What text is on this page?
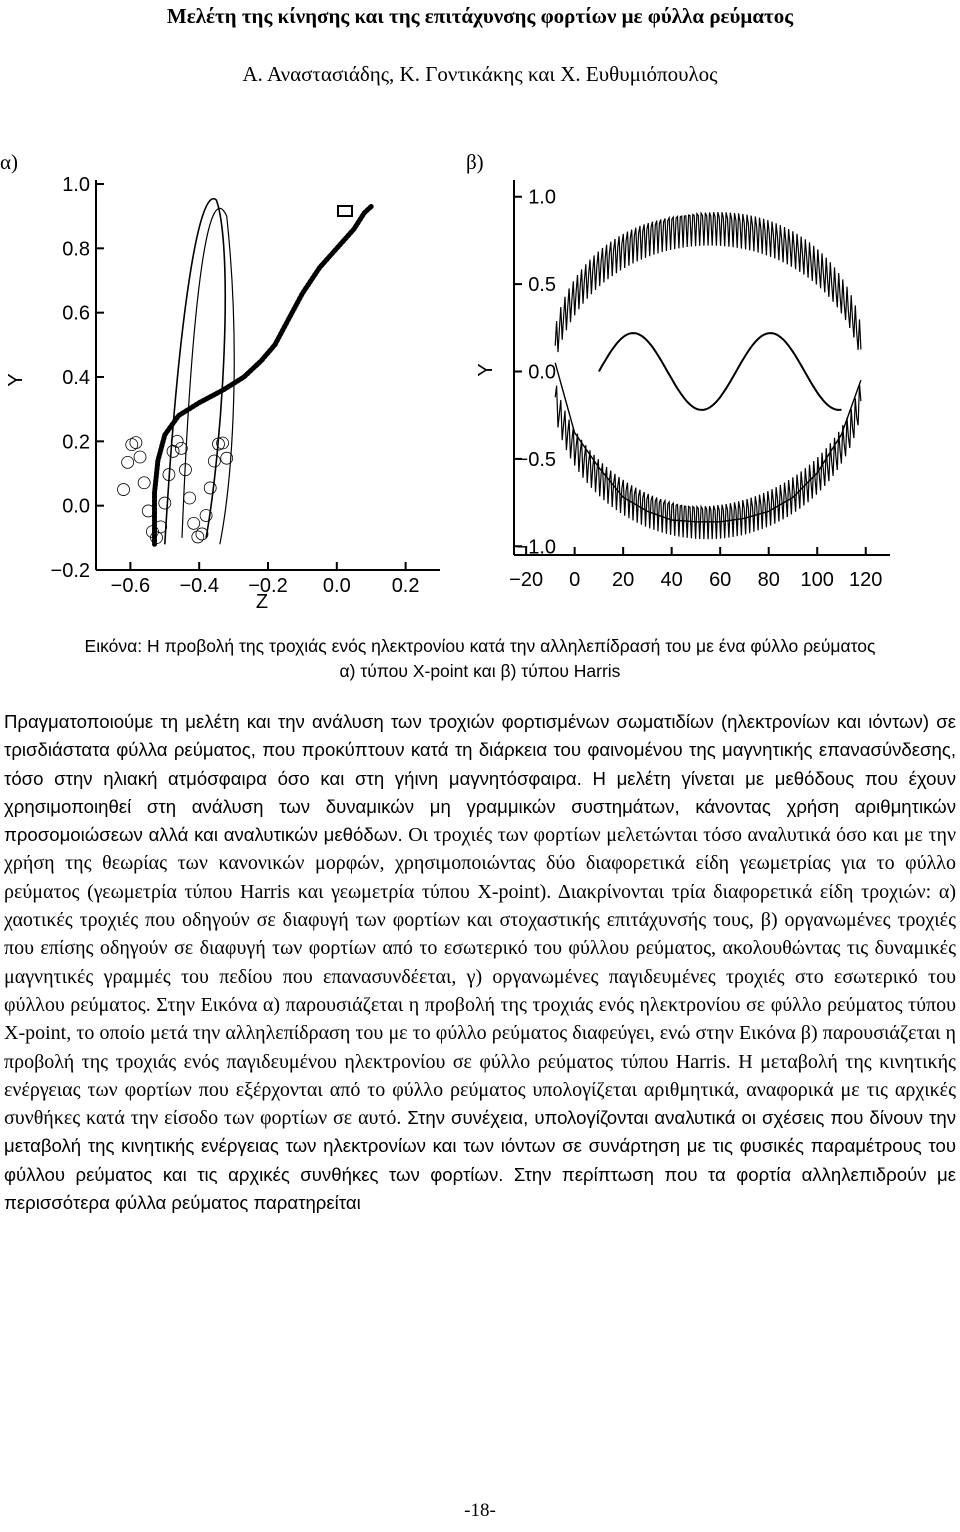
Μελέτη της κίνησης και της επιτάχυνσης φορτίων με φύλλα ρεύματος
Α. Αναστασιάδης, Κ. Γοντικάκης και Χ. Ευθυμιόπουλος
α)	β)
−0.2
0.0
0.2
0.4
0.6
0.8
1.0
−0.6 −0.4 −0.2 0.0 0.2
Y
Z
−1.0
−0.5
0.0
0.5
1.0
−20 0 20 40 60 80 100 120
Y
Εικόνα: Η προβολή της τροχιάς ενός ηλεκτρονίου κατά την αλληλεπίδρασή του με ένα φύλλο ρεύματος
α) τύπου X-point και β) τύπου Harris
Πραγματοποιούμε τη μελέτη και την ανάλυση των τροχιών φορτισμένων σωματιδίων (ηλεκτρονίων και ιόντων) σε τρισδιάστατα φύλλα ρεύματος, που προκύπτουν κατά τη διάρκεια του φαινομένου της μαγνητικής επανασύνδεσης, τόσο στην ηλιακή ατμόσφαιρα όσο και στη γήινη μαγνητόσφαιρα. Η μελέτη γίνεται με μεθόδους που έχουν χρησιμοποιηθεί στη ανάλυση των δυναμικών μη γραμμικών συστημάτων, κάνοντας χρήση αριθμητικών προσομοιώσεων αλλά και αναλυτικών μεθόδων. Οι τροχιές των φορτίων μελετώνται τόσο αναλυτικά όσο και με την χρήση της θεωρίας των κανονικών μορφών, χρησιμοποιώντας δύο διαφορετικά είδη γεωμετρίας για το φύλλο ρεύματος (γεωμετρία τύπου Harris και γεωμετρία τύπου X-point). Διακρίνονται τρία διαφορετικά είδη τροχιών: α) χαοτικές τροχιές που οδηγούν σε διαφυγή των φορτίων και στοχαστικής επιτάχυνσής τους, β) οργανωμένες τροχιές που επίσης οδηγούν σε διαφυγή των φορτίων από το εσωτερικό του φύλλου ρεύματος, ακολουθώντας τις δυναμικές μαγνητικές γραμμές του πεδίου που επανασυνδέεται, γ) οργανωμένες παγιδευμένες τροχιές στο εσωτερικό του φύλλου ρεύματος. Στην Εικόνα α) παρουσιάζεται η προβολή της τροχιάς ενός ηλεκτρονίου σε φύλλο ρεύματος τύπου X-point, το οποίο μετά την αλληλεπίδραση του με το φύλλο ρεύματος διαφεύγει, ενώ στην Εικόνα β) παρουσιάζεται η προβολή της τροχιάς ενός παγιδευμένου ηλεκτρονίου σε φύλλο ρεύματος τύπου Harris. Η μεταβολή της κινητικής ενέργειας των φορτίων που εξέρχονται από το φύλλο ρεύματος υπολογίζεται αριθμητικά, αναφορικά με τις αρχικές συνθήκες κατά την είσοδο των φορτίων σε αυτό. Στην συνέχεια, υπολογίζονται αναλυτικά οι σχέσεις που δίνουν την μεταβολή της κινητικής ενέργειας των ηλεκτρονίων και των ιόντων σε συνάρτηση με τις φυσικές παραμέτρους του φύλλου ρεύματος και τις αρχικές συνθήκες των φορτίων. Στην περίπτωση που τα φορτία αλληλεπιδρούν με περισσότερα φύλλα ρεύματος παρατηρείται
-18-
